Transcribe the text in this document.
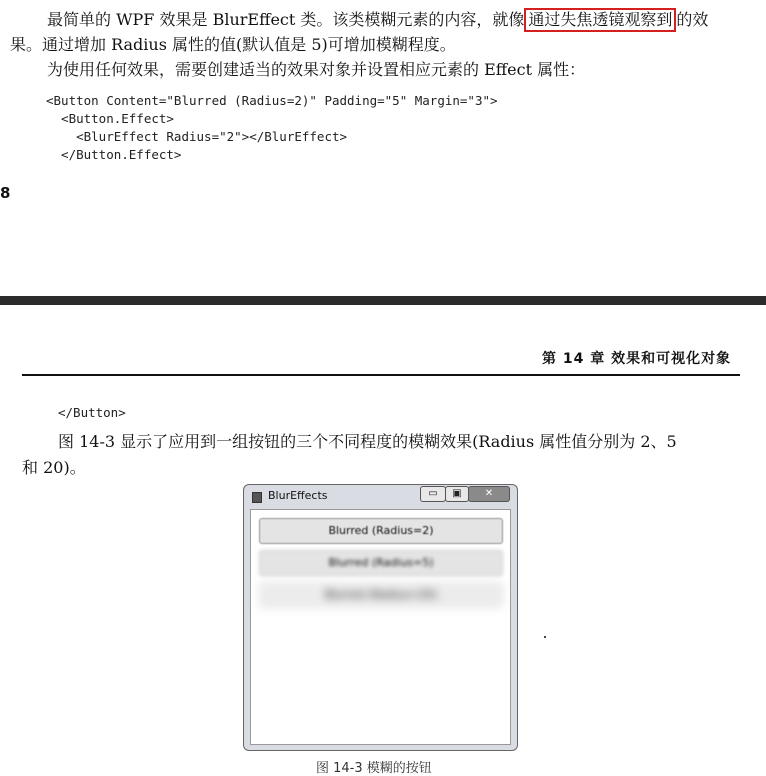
最简单的 WPF 效果是 BlurEffect 类。该类模糊元素的内容，就像 通过失焦透镜观察到 的效
果。通过增加 Radius 属性的值(默认值是 5)可增加模糊程度。
为使用任何效果，需要创建适当的效果对象并设置相应元素的 Effect 属性：
<Button Content="Blurred (Radius=2)" Padding="5" Margin="3">
<Button.Effect>
<BlurEffect Radius="2"></BlurEffect>
</Button.Effect>
8
第 14 章 效果和可视化对象
</Button>
图 14-3 显示了应用到一组按钮的三个不同程度的模糊效果(Radius 属性值分别为 2、5
和 20)。
BlurEffects	▭	▣	✕
Blurred (Radius=2)
Blurred (Radius=5)
Blurred (Radius=20)
图 14-3 模糊的按钮
